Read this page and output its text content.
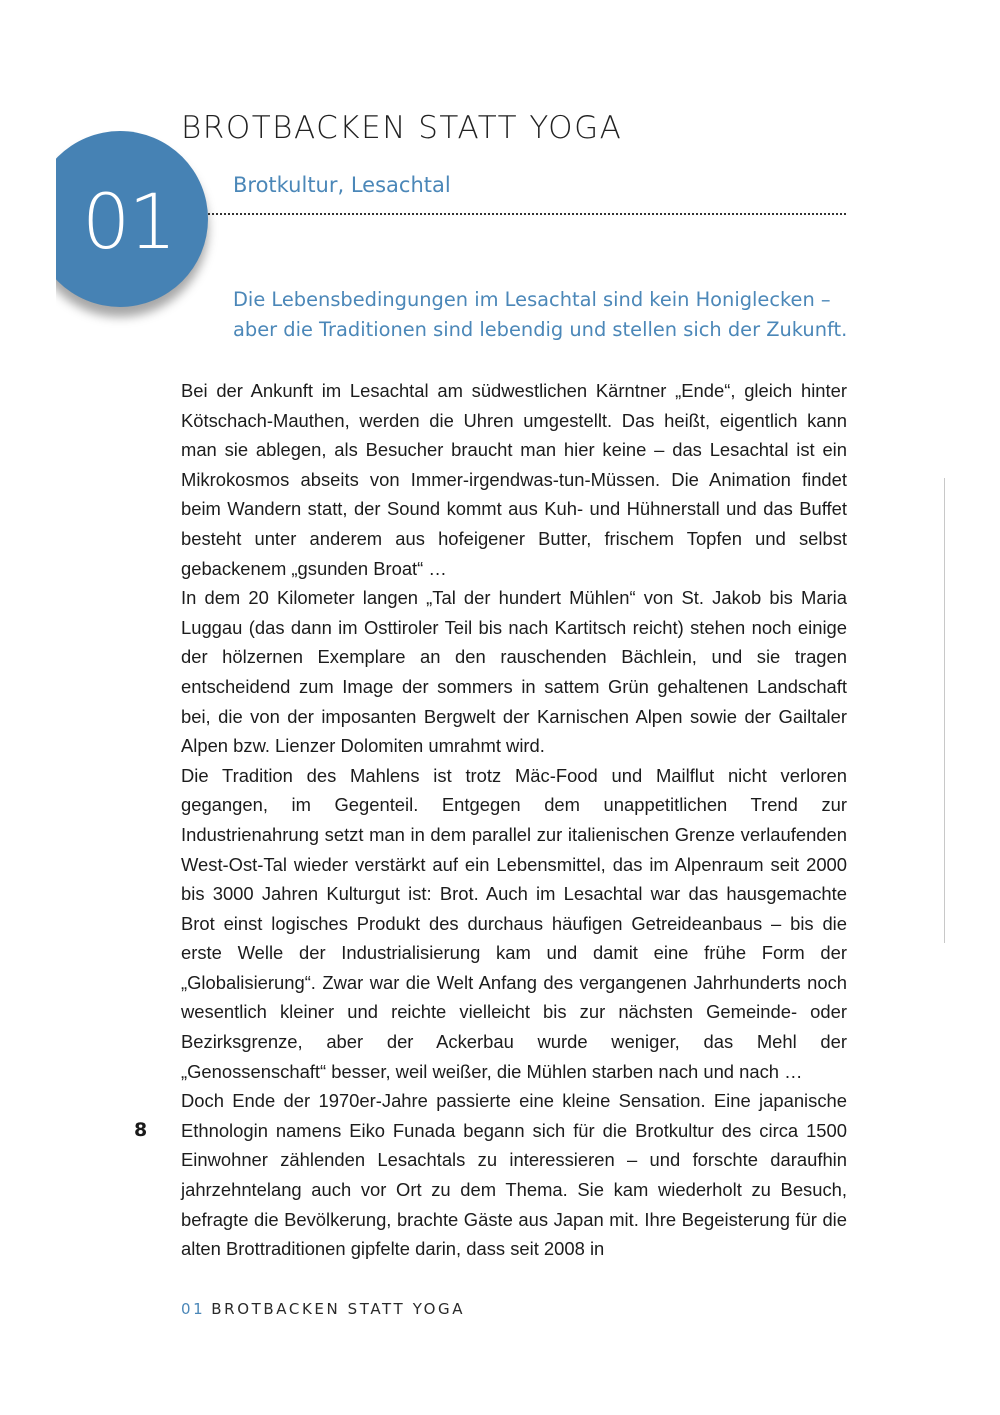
01
BROTBACKEN STATT YOGA
Brotkultur, Lesachtal
Die Lebensbedingungen im Lesachtal sind kein Honiglecken –
aber die Traditionen sind lebendig und stellen sich der Zukunft.

Bei der Ankunft im Lesachtal am südwestlichen Kärntner „Ende“, gleich hinter Kötschach-Mauthen, werden die Uhren umgestellt. Das heißt, eigentlich kann man sie ablegen, als Besucher braucht man hier keine – das Lesachtal ist ein Mikrokosmos abseits von Immer-irgendwas-tun-Müssen. Die Animation findet beim Wandern statt, der Sound kommt aus Kuh- und Hühnerstall und das Buffet besteht unter anderem aus hofeigener Butter, frischem Topfen und selbst gebackenem „gsunden Broat“ …

In dem 20 Kilometer langen „Tal der hundert Mühlen“ von St. Jakob bis Maria Luggau (das dann im Osttiroler Teil bis nach Kartitsch reicht) stehen noch einige der hölzernen Exemplare an den rauschenden Bächlein, und sie tragen entscheidend zum Image der sommers in sattem Grün gehaltenen Landschaft bei, die von der imposanten Bergwelt der Karnischen Alpen sowie der Gailtaler Alpen bzw. Lienzer Dolomiten umrahmt wird.

Die Tradition des Mahlens ist trotz Mäc-Food und Mailflut nicht verloren gegangen, im Gegenteil. Entgegen dem unappetitlichen Trend zur Industrienahrung setzt man in dem parallel zur italienischen Grenze verlaufenden West-Ost-Tal wieder verstärkt auf ein Lebensmittel, das im Alpenraum seit 2000 bis 3000 Jahren Kulturgut ist: Brot. Auch im Lesachtal war das hausgemachte Brot einst logisches Produkt des durchaus häufigen Getreideanbaus – bis die erste Welle der Industrialisierung kam und damit eine frühe Form der „Globalisierung“. Zwar war die Welt Anfang des vergangenen Jahrhunderts noch wesentlich kleiner und reichte vielleicht bis zur nächsten Gemeinde- oder Bezirksgrenze, aber der Ackerbau wurde weniger, das Mehl der „Genossenschaft“ besser, weil weißer, die Mühlen starben nach und nach …

Doch Ende der 1970er-Jahre passierte eine kleine Sensation. Eine japanische Ethnologin namens Eiko Funada begann sich für die Brotkultur des circa 1500 Einwohner zählenden Lesachtals zu interessieren – und forschte daraufhin jahrzehntelang auch vor Ort zu dem Thema. Sie kam wiederholt zu Besuch, befragte die Bevölkerung, brachte Gäste aus Japan mit. Ihre Begeisterung für die alten Brottraditionen gipfelte darin, dass seit 2008 in

8
01 BROTBACKEN STATT YOGA
